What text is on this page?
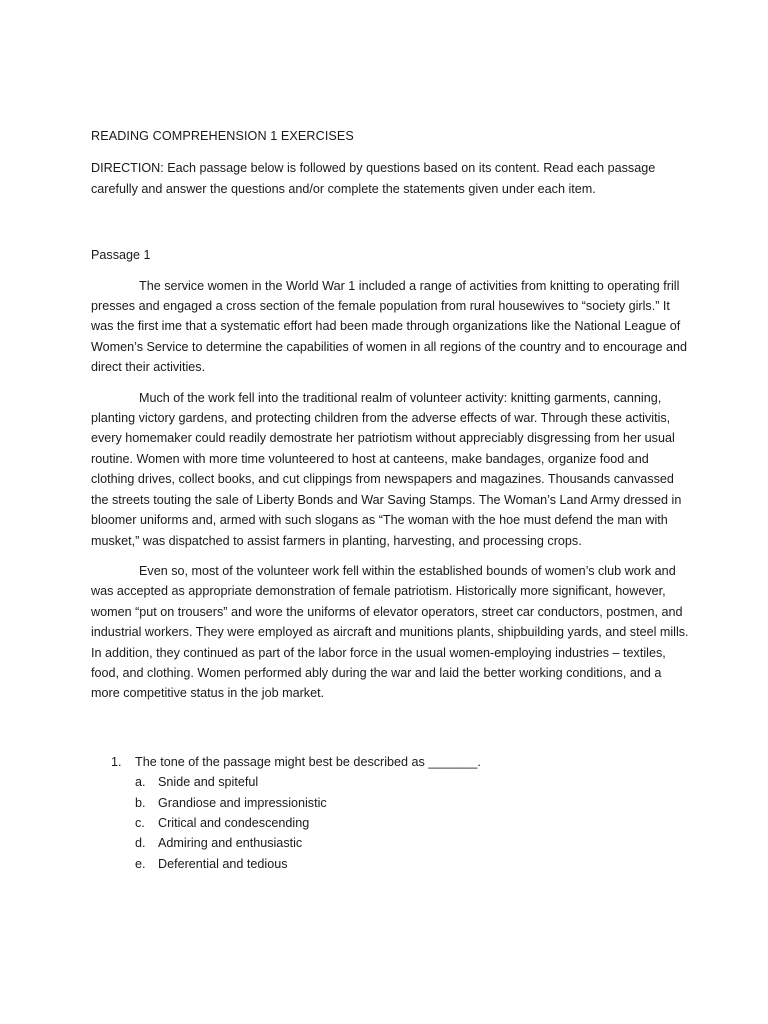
READING COMPREHENSION 1 EXERCISES

DIRECTION: Each passage below is followed by questions based on its content. Read each passage carefully and answer the questions and/or complete the statements given under each item.

Passage 1

The service women in the World War 1 included a range of activities from knitting to operating frill presses and engaged a cross section of the female population from rural housewives to “society girls.” It was the first ime that a systematic effort had been made through organizations like the National League of Women’s Service to determine the capabilities of women in all regions of the country and to encourage and direct their activities.

Much of the work fell into the traditional realm of volunteer activity: knitting garments, canning, planting victory gardens, and protecting children from the adverse effects of war. Through these activitis, every homemaker could readily demostrate her patriotism without appreciably disgressing from her usual routine. Women with more time volunteered to host at canteens, make bandages, organize food and clothing drives, collect books, and cut clippings from newspapers and magazines. Thousands canvassed the streets touting the sale of Liberty Bonds and War Saving Stamps. The Woman’s Land Army dressed in bloomer uniforms and, armed with such slogans as “The woman with the hoe must defend the man with musket,” was dispatched to assist farmers in planting, harvesting, and processing crops.

Even so, most of the volunteer work fell within the established bounds of women’s club work and was accepted as appropriate demonstration of female patriotism. Historically more significant, however, women “put on trousers” and wore the uniforms of elevator operators, street car conductors, postmen, and industrial workers. They were employed as aircraft and munitions plants, shipbuilding yards, and steel mills. In addition, they continued as part of the labor force in the usual women-employing industries – textiles, food, and clothing. Women performed ably during the war and laid the better working conditions, and a more competitive status in the job market.

1. The tone of the passage might best be described as _______.
a. Snide and spiteful
b. Grandiose and impressionistic
c. Critical and condescending
d. Admiring and enthusiastic
e. Deferential and tedious
